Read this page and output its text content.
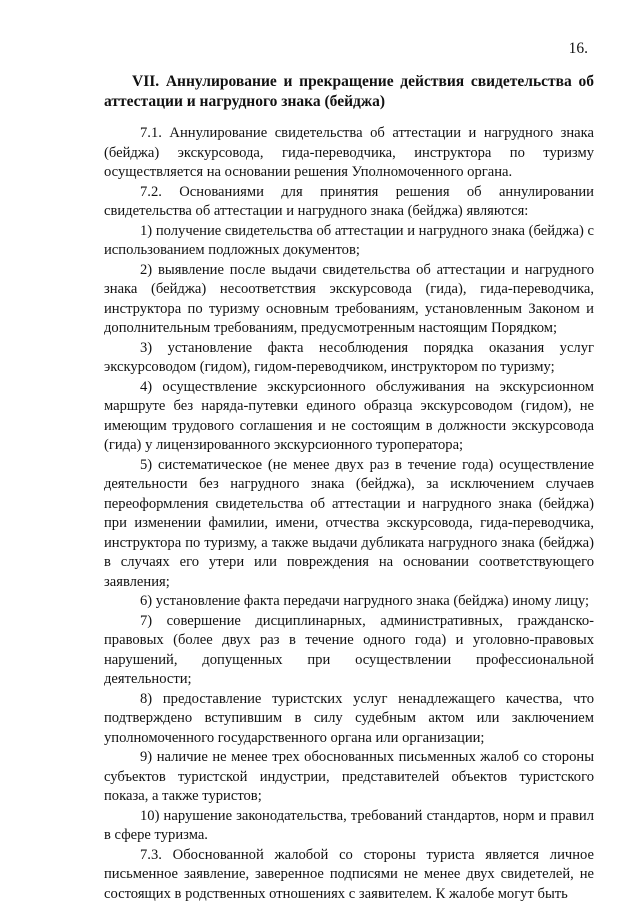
16.
VII. Аннулирование и прекращение действия свидетельства об аттестации и нагрудного знака (бейджа)

7.1. Аннулирование свидетельства об аттестации и нагрудного знака (бейджа) экскурсовода, гида-переводчика, инструктора по туризму осуществляется на основании решения Уполномоченного органа.

7.2. Основаниями для принятия решения об аннулировании свидетельства об аттестации и нагрудного знака (бейджа) являются:

1) получение свидетельства об аттестации и нагрудного знака (бейджа) с использованием подложных документов;

2) выявление после выдачи свидетельства об аттестации и нагрудного знака (бейджа) несоответствия экскурсовода (гида), гида-переводчика, инструктора по туризму основным требованиям, установленным Законом и дополнительным требованиям, предусмотренным настоящим Порядком;

3) установление факта несоблюдения порядка оказания услуг экскурсоводом (гидом), гидом-переводчиком, инструктором по туризму;

4) осуществление экскурсионного обслуживания на экскурсионном маршруте без наряда-путевки единого образца экскурсоводом (гидом), не имеющим трудового соглашения и не состоящим в должности экскурсовода (гида) у лицензированного экскурсионного туроператора;

5) систематическое (не менее двух раз в течение года) осуществление деятельности без нагрудного знака (бейджа), за исключением случаев переоформления свидетельства об аттестации и нагрудного знака (бейджа) при изменении фамилии, имени, отчества экскурсовода, гида-переводчика, инструктора по туризму, а также выдачи дубликата нагрудного знака (бейджа) в случаях его утери или повреждения на основании соответствующего заявления;

6) установление факта передачи нагрудного знака (бейджа) иному лицу;

7) совершение дисциплинарных, административных, гражданско-правовых (более двух раз в течение одного года) и уголовно-правовых нарушений, допущенных при осуществлении профессиональной деятельности;

8) предоставление туристских услуг ненадлежащего качества, что подтверждено вступившим в силу судебным актом или заключением уполномоченного государственного органа или организации;

9) наличие не менее трех обоснованных письменных жалоб со стороны субъектов туристской индустрии, представителей объектов туристского показа, а также туристов;

10) нарушение законодательства, требований стандартов, норм и правил в сфере туризма.

7.3. Обоснованной жалобой со стороны туриста является личное письменное заявление, заверенное подписями не менее двух свидетелей, не состоящих в родственных отношениях с заявителем. К жалобе могут быть
